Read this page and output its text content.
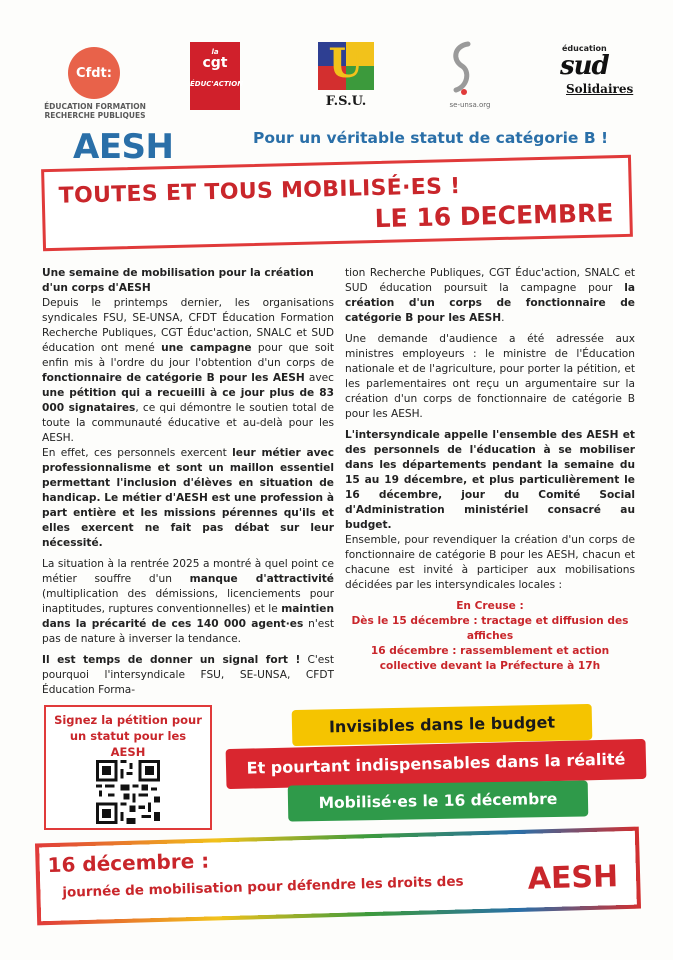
Cfdt:
ÉDUCATION FORMATION
RECHERCHE PUBLIQUES
la
cgt
ÉDUC'ACTION U
F.S.U.	se-unsa.org
éducation
sud
Solidaires
AESH	Pour un véritable statut de catégorie B !
TOUTES ET TOUS MOBILISÉ·ES !
LE 16 DECEMBRE

Une semaine de mobilisation pour la création d'un corps d'AESH

Depuis le printemps dernier, les organisations syndicales FSU, SE-UNSA, CFDT Éducation Formation Recherche Publiques, CGT Éduc'action, SNALC et SUD éducation ont mené une campagne pour que soit enfin mis à l'ordre du jour l'obtention d'un corps de fonctionnaire de catégorie B pour les AESH avec une pétition qui a recueilli à ce jour plus de 83 000 signataires, ce qui démontre le soutien total de toute la communauté éducative et au-delà pour les AESH.

En effet, ces personnels exercent leur métier avec professionnalisme et sont un maillon essentiel permettant l'inclusion d'élèves en situation de handicap. Le métier d'AESH est une profession à part entière et les missions pérennes qu'ils et elles exercent ne fait pas débat sur leur nécessité.

La situation à la rentrée 2025 a montré à quel point ce métier souffre d'un manque d'attractivité (multiplication des démissions, licenciements pour inaptitudes, ruptures conventionnelles) et le maintien dans la précarité de ces 140 000 agent·es n'est pas de nature à inverser la tendance.

Il est temps de donner un signal fort ! C'est pourquoi l'intersyndicale FSU, SE-UNSA, CFDT Éducation Forma-

tion Recherche Publiques, CGT Éduc'action, SNALC et SUD éducation poursuit la campagne pour la création d'un corps de fonctionnaire de catégorie B pour les AESH.

Une demande d'audience a été adressée aux ministres employeurs : le ministre de l'Éducation nationale et de l'agriculture, pour porter la pétition, et les parlementaires ont reçu un argumentaire sur la création d'un corps de fonctionnaire de catégorie B pour les AESH.

L'intersyndicale appelle l'ensemble des AESH et des personnels de l'éducation à se mobiliser dans les départements pendant la semaine du 15 au 19 décembre, et plus particulièrement le 16 décembre, jour du Comité Social d'Administration ministériel consacré au budget.

Ensemble, pour revendiquer la création d'un corps de fonctionnaire de catégorie B pour les AESH, chacun et chacune est invité à participer aux mobilisations décidées par les intersyndicales locales :

En Creuse :

Dès le 15 décembre : tractage et diffusion des affiches

16 décembre : rassemblement et action collective devant la Préfecture à 17h

Signez la pétition pour un statut pour les AESH
Invisibles dans le budget
Et pourtant indispensables dans la réalité
Mobilisé·es le 16 décembre
16 décembre :
journée de mobilisation pour défendre les droits des AESH
